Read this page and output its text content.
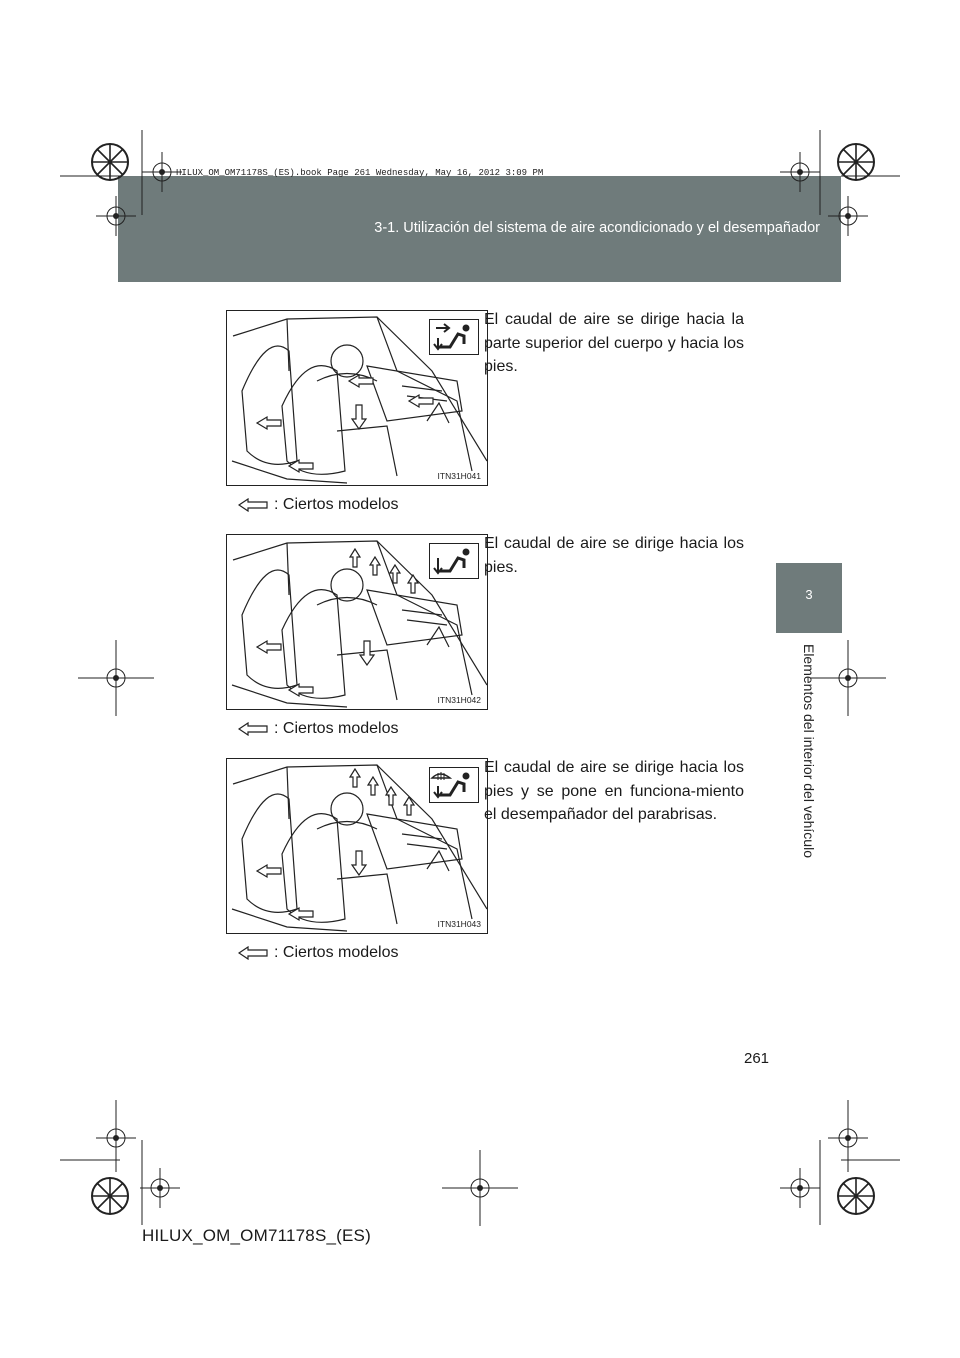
3-1. Utilización del sistema de aire acondicionado y el desempañador
HILUX_OM_OM71178S_(ES).book Page 261 Wednesday, May 16, 2012 3:09 PM
3
Elementos del interior del vehículo
ITN31H041
El caudal de aire se dirige hacia la parte superior del cuerpo y hacia los pies.
: Ciertos modelos
ITN31H042
El caudal de aire se dirige hacia los pies.
: Ciertos modelos
ITN31H043
El caudal de aire se dirige hacia los pies y se pone en funciona-miento el desempañador del parabrisas.
: Ciertos modelos
261
HILUX_OM_OM71178S_(ES)
